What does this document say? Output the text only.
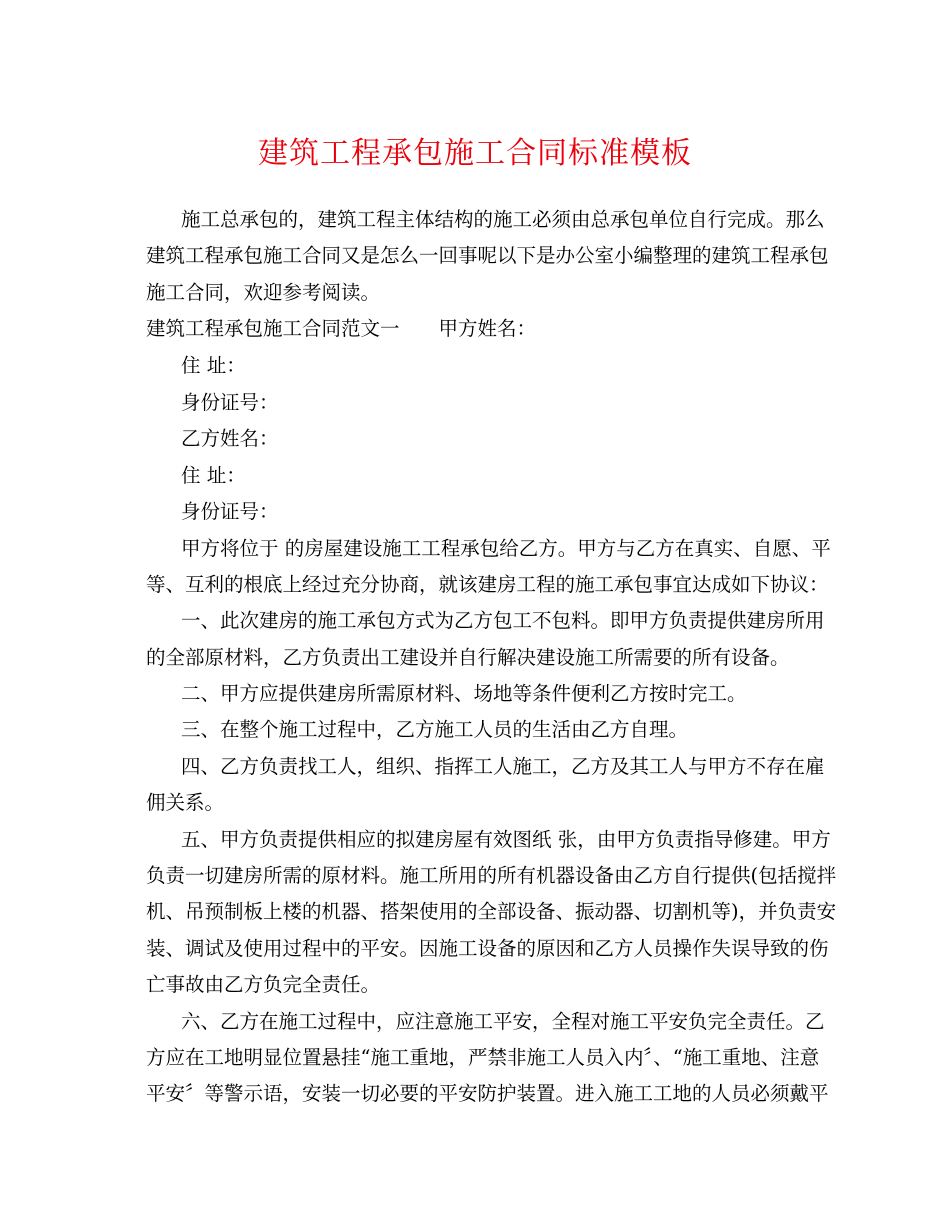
建筑工程承包施工合同标准模板
施工总承包的，建筑工程主体结构的施工必须由总承包单位自行完成。那么
建筑工程承包施工合同又是怎么一回事呢以下是办公室小编整理的建筑工程承包
施工合同，欢迎参考阅读。
建筑工程承包施工合同范文一　　甲方姓名：
住 址：
身份证号：
乙方姓名：
住 址：
身份证号：
甲方将位于 的房屋建设施工工程承包给乙方。甲方与乙方在真实、自愿、平
等、互利的根底上经过充分协商，就该建房工程的施工承包事宜达成如下协议：
一、此次建房的施工承包方式为乙方包工不包料。即甲方负责提供建房所用
的全部原材料，乙方负责出工建设并自行解决建设施工所需要的所有设备。
二、甲方应提供建房所需原材料、场地等条件便利乙方按时完工。
三、在整个施工过程中，乙方施工人员的生活由乙方自理。
四、乙方负责找工人，组织、指挥工人施工，乙方及其工人与甲方不存在雇
佣关系。
五、甲方负责提供相应的拟建房屋有效图纸 张，由甲方负责指导修建。甲方
负责一切建房所需的原材料。施工所用的所有机器设备由乙方自行提供(包括搅拌
机、吊预制板上楼的机器、搭架使用的全部设备、振动器、切割机等)，并负责安
装、调试及使用过程中的平安。因施工设备的原因和乙方人员操作失误导致的伤
亡事故由乙方负完全责任。
六、乙方在施工过程中，应注意施工平安，全程对施工平安负完全责任。乙
方应在工地明显位置悬挂“施工重地，严禁非施工人员入内〞、“施工重地、注意
平安〞等警示语，安装一切必要的平安防护装置。进入施工工地的人员必须戴平
